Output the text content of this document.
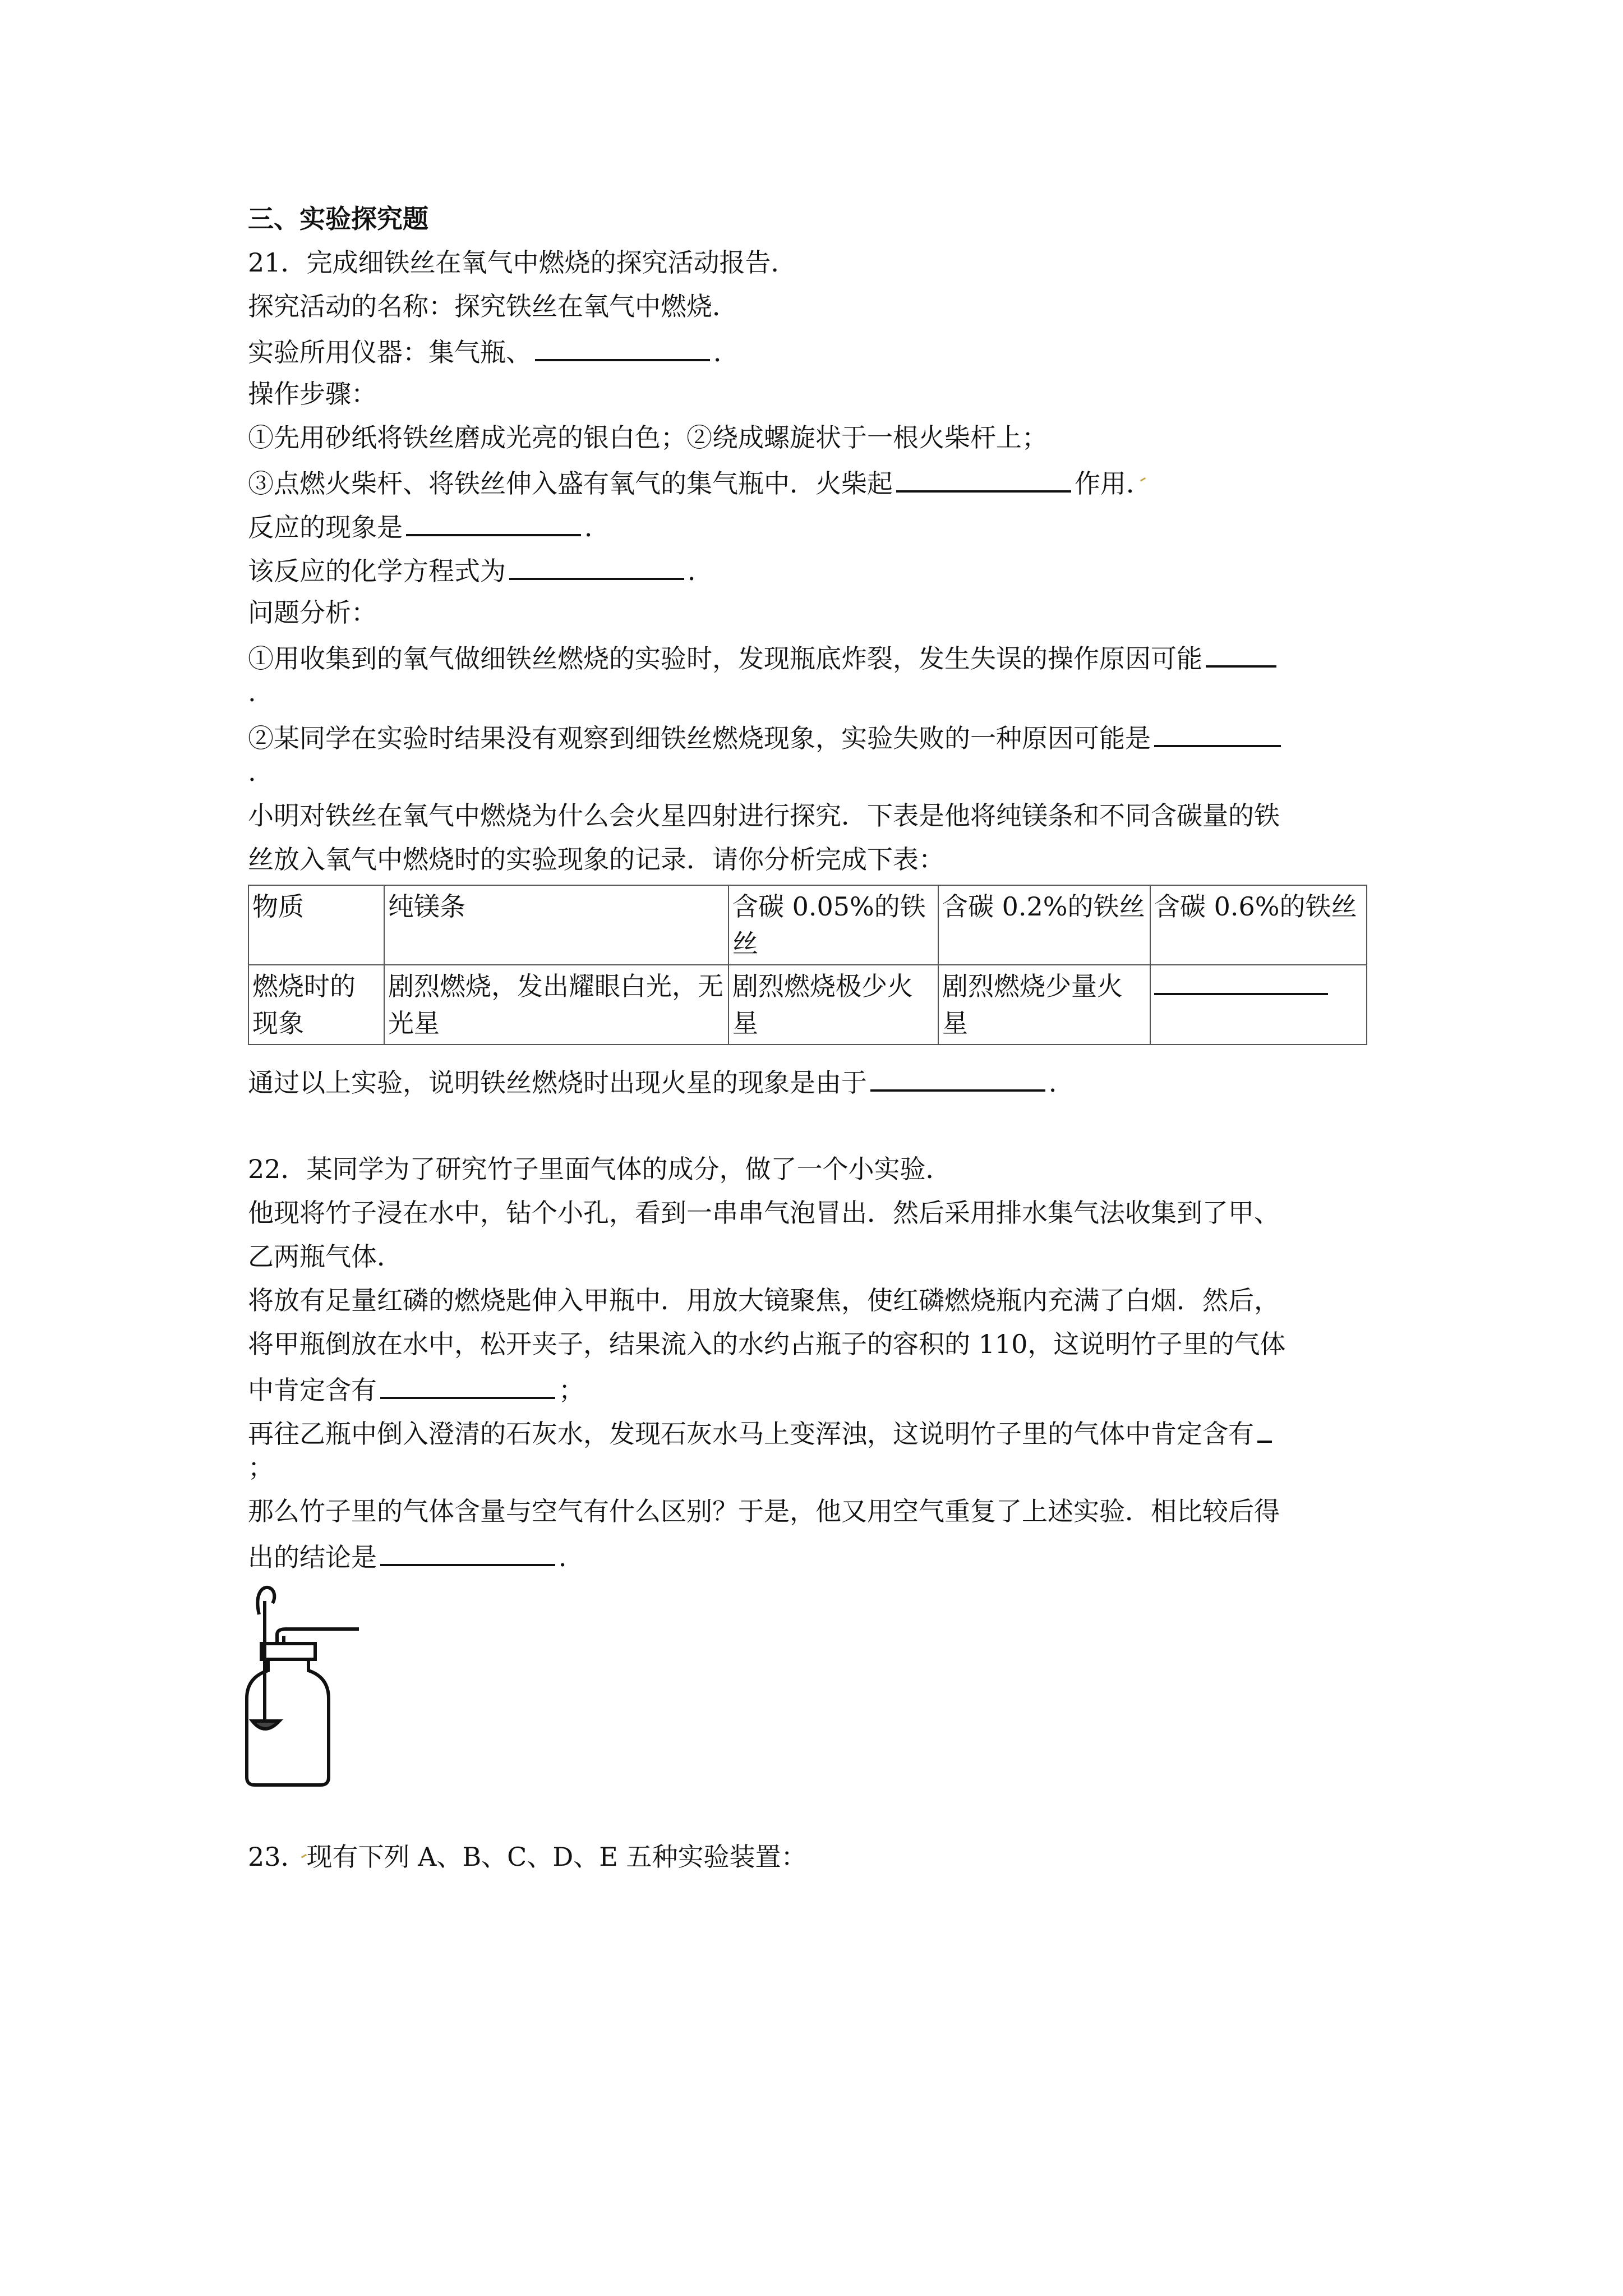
三、实验探究题
21．完成细铁丝在氧气中燃烧的探究活动报告．
探究活动的名称：探究铁丝在氧气中燃烧．
实验所用仪器：集气瓶、	．
操作步骤：
①先用砂纸将铁丝磨成光亮的银白色；②绕成螺旋状于一根火柴杆上；
③点燃火柴杆、将铁丝伸入盛有氧气的集气瓶中．火柴起	作用．
反应的现象是	．
该反应的化学方程式为	．
问题分析：
①用收集到的氧气做细铁丝燃烧的实验时，发现瓶底炸裂，发生失误的操作原因可能
.
②某同学在实验时结果没有观察到细铁丝燃烧现象，实验失败的一种原因可能是
.
小明对铁丝在氧气中燃烧为什么会火星四射进行探究．下表是他将纯镁条和不同含碳量的铁
丝放入氧气中燃烧时的实验现象的记录．请你分析完成下表：
物质	纯镁条	含碳 0.05%的铁丝	含碳 0.2%的铁丝	含碳 0.6%的铁丝
燃烧时的现象	剧烈燃烧，发出耀眼白光，无光星	剧烈燃烧极少火星	剧烈燃烧少量火星	
通过以上实验，说明铁丝燃烧时出现火星的现象是由于	．
22．某同学为了研究竹子里面气体的成分，做了一个小实验．
他现将竹子浸在水中，钻个小孔，看到一串串气泡冒出．然后采用排水集气法收集到了甲、
乙两瓶气体．
将放有足量红磷的燃烧匙伸入甲瓶中．用放大镜聚焦，使红磷燃烧瓶内充满了白烟．然后，
将甲瓶倒放在水中，松开夹子，结果流入的水约占瓶子的容积的 110，这说明竹子里的气体
中肯定含有	；
再往乙瓶中倒入澄清的石灰水，发现石灰水马上变浑浊，这说明竹子里的气体中肯定含有
；
那么竹子里的气体含量与空气有什么区别？于是，他又用空气重复了上述实验．相比较后得
出的结论是	．
23．现有下列 A、B、C、D、E 五种实验装置：
